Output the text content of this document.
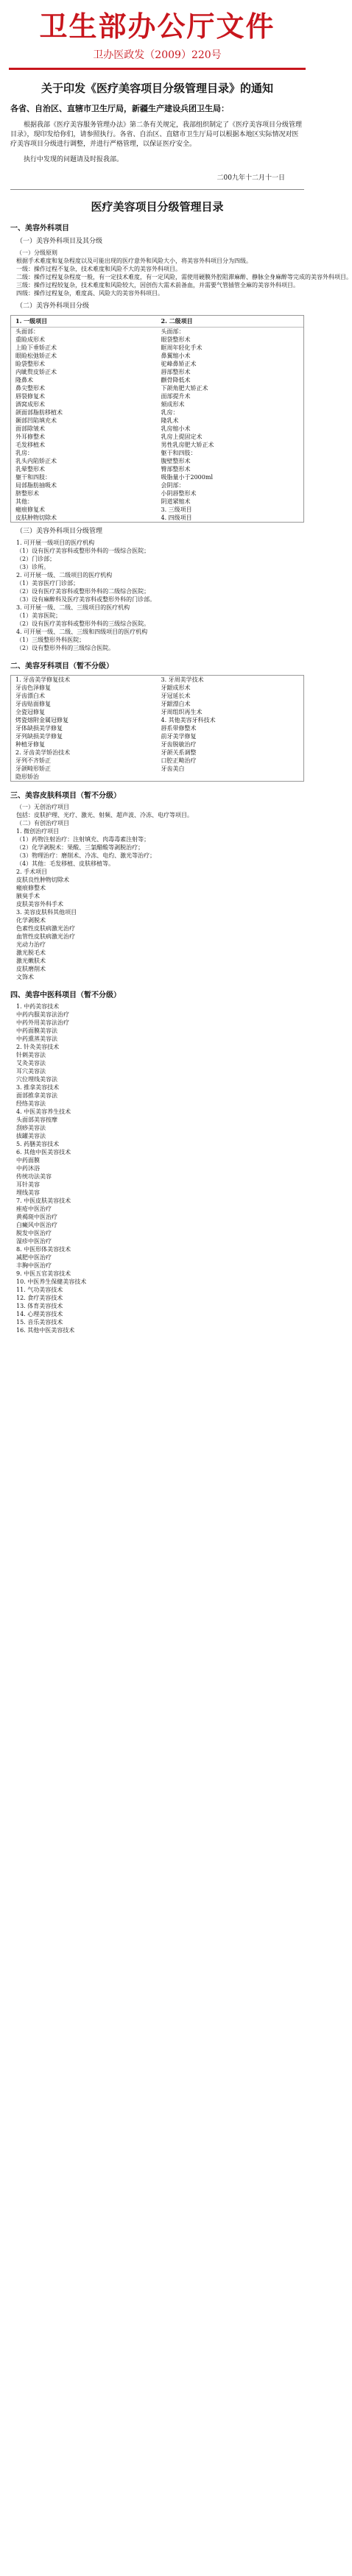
卫生部办公厅文件
卫办医政发（2009）220号
关于印发《医疗美容项目分级管理目录》的通知
各省、自治区、直辖市卫生厅局，新疆生产建设兵团卫生局：
根据我部《医疗美容服务管理办法》第二条有关规定，我部组织制定了《医疗美容项目分级管理目录》，现印发给你们，请参照执行。各省、自治区、直辖市卫生厅局可以根据本地区实际情况对医疗美容项目分级进行调整，并进行严格管理，以保证医疗安全。
执行中发现的问题请及时报我部。
二00九年十二月十一日
医疗美容项目分级管理目录
一、美容外科项目
（一）美容外科项目及其分级
（一）分级原则
根据手术难度和复杂程度以及可能出现的医疗意外和风险大小，将美容外科项目分为四级。
一级：操作过程不复杂，技术难度和风险不大的美容外科项目。
二级：操作过程复杂程度一般，有一定技术难度，有一定风险，需使用硬膜外腔阻滞麻醉、静脉全身麻醉等完成的美容外科项目。
三级：操作过程较复杂，技术难度和风险较大，因创伤大需术前备血，并需要气管插管全麻的美容外科项目。
四级：操作过程复杂，难度高、风险大的美容外科项目。
（二）美容外科项目分级
1. 一级项目	2. 二级项目
头面部：	头面部：
重睑成形术	眼袋整形术
上睑下垂矫正术	眶周年轻化手术
眼睑松弛矫正术	鼻翼缩小术
睑袋整形术	驼峰鼻矫正术
内眦赘皮矫正术	唇部整形术
隆鼻术	颧骨降低术
鼻尖整形术	下颌角肥大矫正术
唇裂修复术	面部提升术
酒窝成形术	颏成形术
颌面部脂肪移植术	乳房：
颞部凹陷填充术	隆乳术
面部除皱术	乳房缩小术
外耳修整术	乳房上提固定术
毛发移植术	男性乳房肥大矫正术
乳房：	躯干和四肢：
乳头内陷矫正术	腹壁整形术
乳晕整形术	臀部整形术
躯干和四肢：	吸脂量小于2000ml
局部脂肪抽吸术	会阴部：
脐整形术	小阴唇整形术
其他：	阴道紧缩术
瘢痕修复术	3. 三级项目
皮肤肿物切除术	4. 四级项目
（三）美容外科项目分级管理
1. 可开展一级项目的医疗机构
（1）设有医疗美容科或整形外科的一级综合医院；
（2）门诊部；
（3）诊所。
2. 可开展一级、二级项目的医疗机构
（1）美容医疗门诊部；
（2）设有医疗美容科或整形外科的二级综合医院；
（3）设有麻醉科及医疗美容科或整形外科的门诊部。
3. 可开展一级、二级、三级项目的医疗机构
（1）美容医院；
（2）设有医疗美容科或整形外科的三级综合医院。
4. 可开展一级、二级、三级和四级项目的医疗机构
（1）三级整形外科医院；
（2）设有整形外科的三级综合医院。
二、美容牙科项目（暂不分级）
1. 牙齿美学修复技术	3. 牙周美学技术
牙齿色泽修复	牙龈成形术
牙齿漂白术	牙冠延长术
牙齿贴面修复	牙龈漂白术
全瓷冠修复	牙周组织再生术
烤瓷熔附金属冠修复	4. 其他美容牙科技术
牙体缺损美学修复	唇系带修整术
牙列缺损美学修复	前牙美学修复
种植牙修复	牙齿脱敏治疗
2. 牙齿美学矫治技术	牙颌关系调整
牙列不齐矫正	口腔正畸治疗
牙颌畸形矫正	牙齿美白
隐形矫治
三、美容皮肤科项目（暂不分级）
（一）无创治疗项目
包括：皮肤护理、光疗、激光、射频、超声波、冷冻、电疗等项目。
（二）有创治疗项目
1. 微创治疗项目
（1）药物注射治疗：注射填充、肉毒毒素注射等；
（2）化学剥脱术：果酸、三氯醋酸等剥脱治疗；
（3）物理治疗：磨削术、冷冻、电灼、激光等治疗；
（4）其他：毛发移植、皮肤移植等。
2. 手术项目
皮肤良性肿物切除术
瘢痕修整术
腋臭手术
皮肤美容外科手术
3. 美容皮肤科其他项目
化学剥脱术
色素性皮肤病激光治疗
血管性皮肤病激光治疗
光动力治疗
激光脱毛术
激光嫩肤术
皮肤磨削术
文饰术
四、美容中医科项目（暂不分级）
1. 中药美容技术
中药内服美容法治疗
中药外用美容法治疗
中药面膜美容法
中药熏蒸美容法
2. 针灸美容技术
针刺美容法
艾灸美容法
耳穴美容法
穴位埋线美容法
3. 推拿美容技术
面部推拿美容法
经络美容法
4. 中医美容养生技术
头面部美容按摩
刮痧美容法
拔罐美容法
5. 药膳美容技术
6. 其他中医美容技术
中药面膜
中药沐浴
传统功法美容
耳针美容
埋线美容
7. 中医皮肤美容技术
痤疮中医治疗
黄褐斑中医治疗
白癜风中医治疗
脱发中医治疗
湿疹中医治疗
8. 中医形体美容技术
减肥中医治疗
丰胸中医治疗
9. 中医五官美容技术
10. 中医养生保健美容技术
11. 气功美容技术
12. 食疗美容技术
13. 体育美容技术
14. 心理美容技术
15. 音乐美容技术
16. 其他中医美容技术
